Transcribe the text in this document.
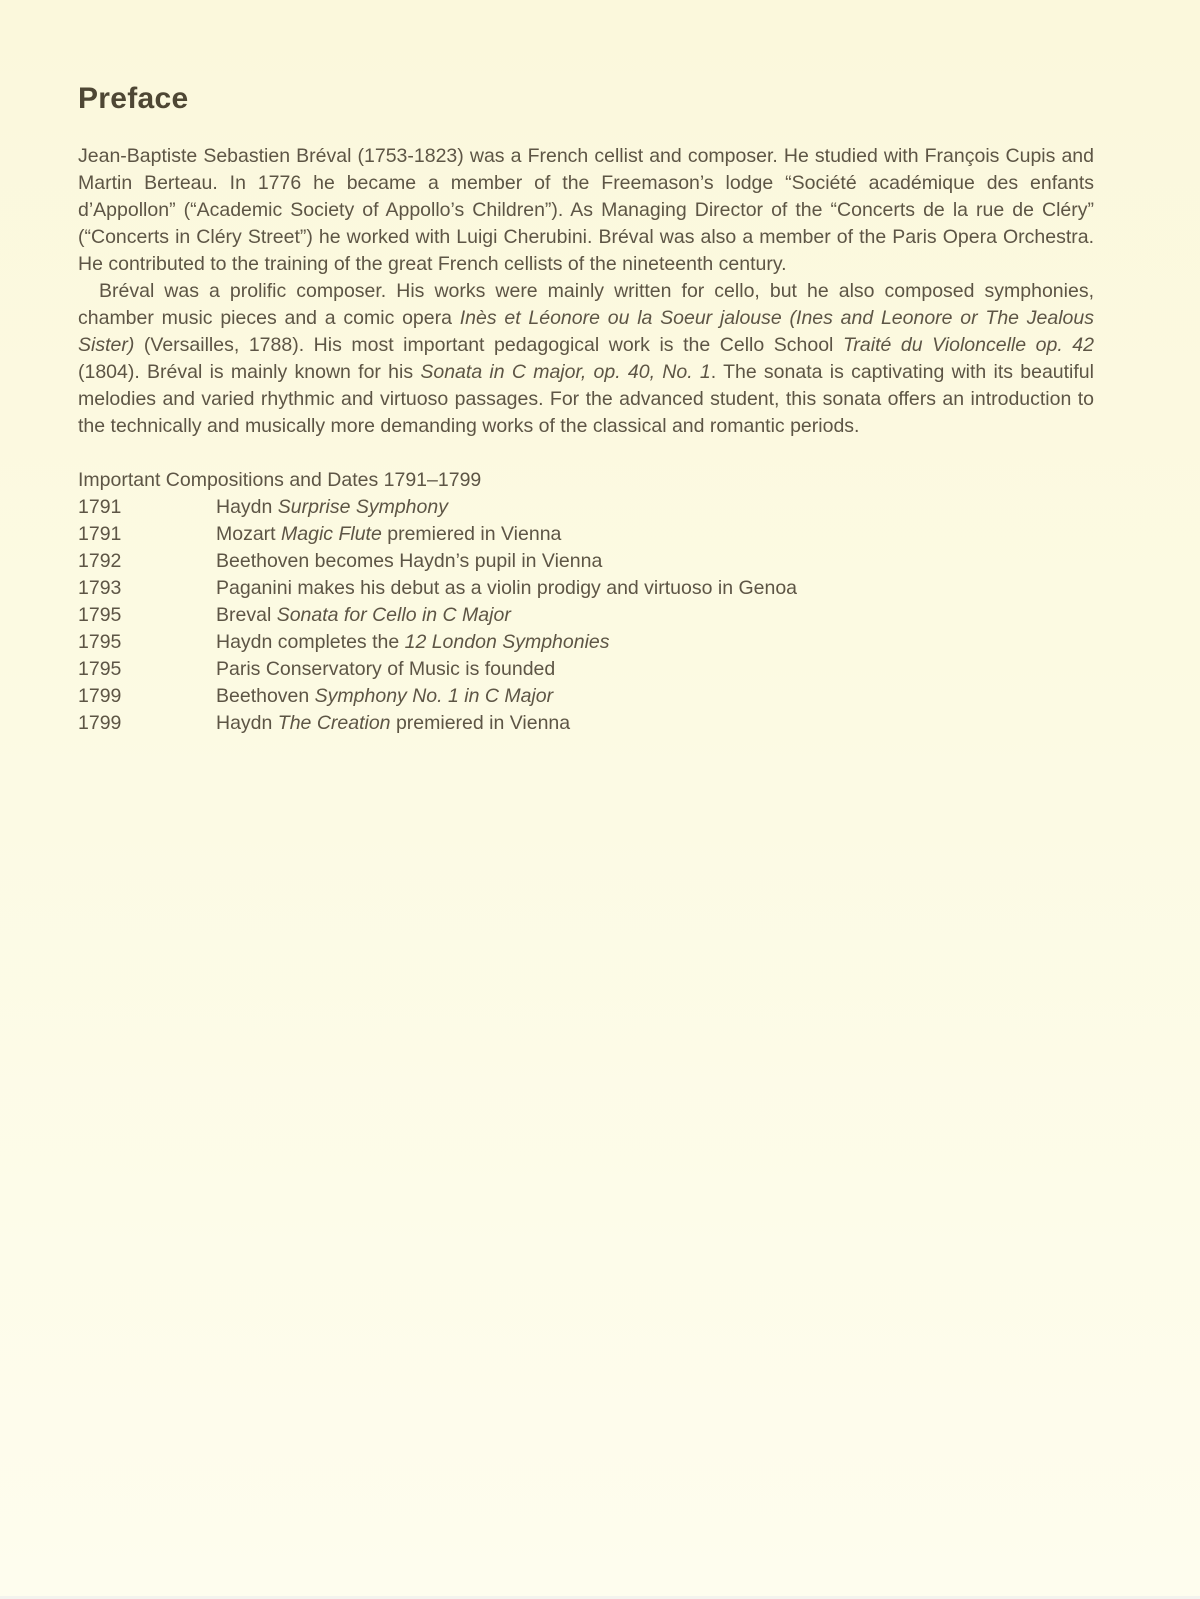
Preface

Jean-Baptiste Sebastien Bréval (1753-1823) was a French cellist and composer. He studied with François Cupis and Martin Berteau. In 1776 he became a member of the Freemason’s lodge “Société académique des enfants d’Appollon” (“Academic Society of Appollo’s Children”). As Managing Director of the “Concerts de la rue de Cléry” (“Concerts in Cléry Street”) he worked with Luigi Cherubini. Bréval was also a member of the Paris Opera Orchestra. He contributed to the training of the great French cellists of the nineteenth century.

Bréval was a prolific composer. His works were mainly written for cello, but he also composed symphonies, chamber music pieces and a comic opera Inès et Léonore ou la Soeur jalouse (Ines and Leonore or The Jealous Sister) (Versailles, 1788). His most important pedagogical work is the Cello School Traité du Violoncelle op. 42 (1804). Bréval is mainly known for his Sonata in C major, op. 40, No. 1. The sonata is captivating with its beautiful melodies and varied rhythmic and virtuoso passages. For the advanced student, this sonata offers an introduction to the technically and musically more demanding works of the classical and romantic periods.

Important Compositions and Dates 1791–1799

1791	Haydn Surprise Symphony
1791	Mozart Magic Flute premiered in Vienna
1792	Beethoven becomes Haydn’s pupil in Vienna
1793	Paganini makes his debut as a violin prodigy and virtuoso in Genoa
1795	Breval Sonata for Cello in C Major
1795	Haydn completes the 12 London Symphonies
1795	Paris Conservatory of Music is founded
1799	Beethoven Symphony No. 1 in C Major
1799	Haydn The Creation premiered in Vienna
